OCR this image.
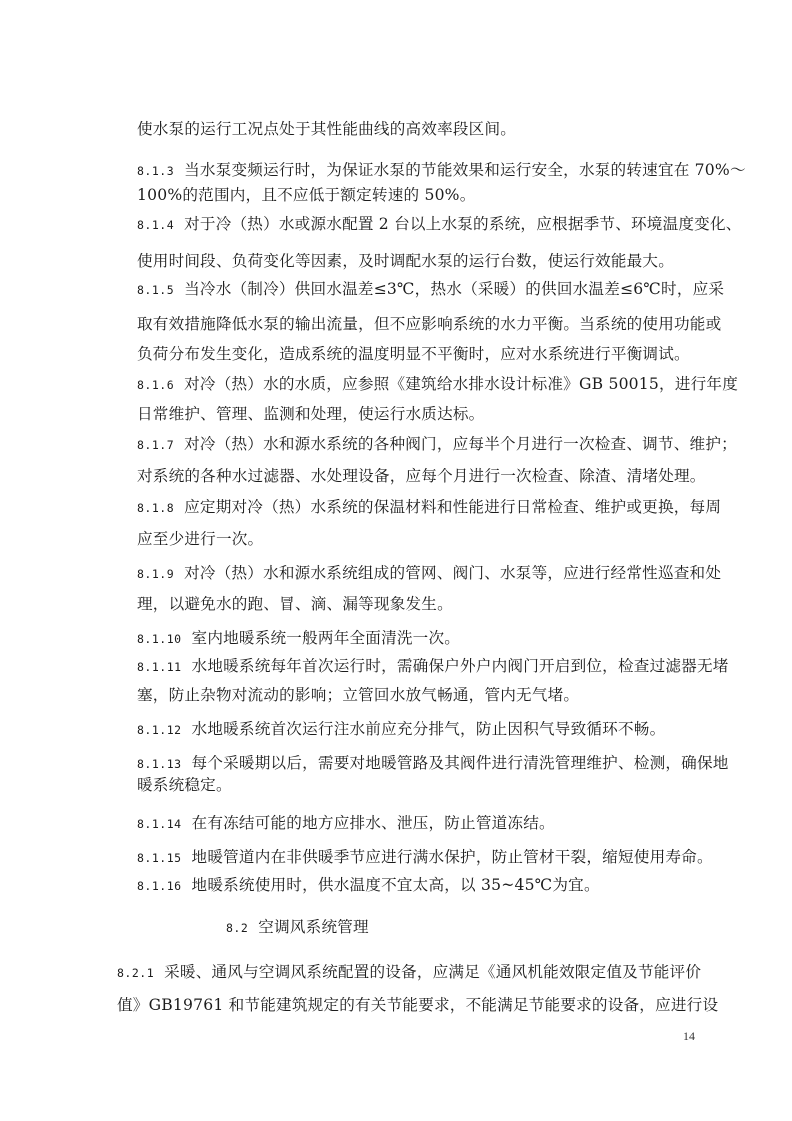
使水泵的运行工况点处于其性能曲线的高效率段区间。
8.1.3 当水泵变频运行时，为保证水泵的节能效果和运行安全，水泵的转速宜在 70%～
100%的范围内，且不应低于额定转速的 50%。
8.1.4 对于冷（热）水或源水配置 2 台以上水泵的系统，应根据季节、环境温度变化、
使用时间段、负荷变化等因素，及时调配水泵的运行台数，使运行效能最大。
8.1.5 当冷水（制冷）供回水温差≤3℃，热水（采暖）的供回水温差≤6℃时，应采
取有效措施降低水泵的输出流量，但不应影响系统的水力平衡。当系统的使用功能或
负荷分布发生变化，造成系统的温度明显不平衡时，应对水系统进行平衡调试。
8.1.6 对冷（热）水的水质，应参照《建筑给水排水设计标准》GB 50015，进行年度
日常维护、管理、监测和处理，使运行水质达标。
8.1.7 对冷（热）水和源水系统的各种阀门，应每半个月进行一次检查、调节、维护；
对系统的各种水过滤器、水处理设备，应每个月进行一次检查、除渣、清堵处理。
8.1.8 应定期对冷（热）水系统的保温材料和性能进行日常检查、维护或更换，每周
应至少进行一次。
8.1.9 对冷（热）水和源水系统组成的管网、阀门、水泵等，应进行经常性巡查和处
理，以避免水的跑、冒、滴、漏等现象发生。
8.1.10 室内地暖系统一般两年全面清洗一次。
8.1.11 水地暖系统每年首次运行时，需确保户外户内阀门开启到位，检查过滤器无堵
塞，防止杂物对流动的影响；立管回水放气畅通，管内无气堵。
8.1.12 水地暖系统首次运行注水前应充分排气，防止因积气导致循环不畅。
8.1.13 每个采暖期以后，需要对地暖管路及其阀件进行清洗管理维护、检测，确保地
暖系统稳定。
8.1.14 在有冻结可能的地方应排水、泄压，防止管道冻结。
8.1.15 地暖管道内在非供暖季节应进行满水保护，防止管材干裂，缩短使用寿命。
8.1.16 地暖系统使用时，供水温度不宜太高，以 35~45℃为宜。
8.2 空调风系统管理
8.2.1 采暖、通风与空调风系统配置的设备，应满足《通风机能效限定值及节能评价
值》GB19761 和节能建筑规定的有关节能要求，不能满足节能要求的设备，应进行设
14
